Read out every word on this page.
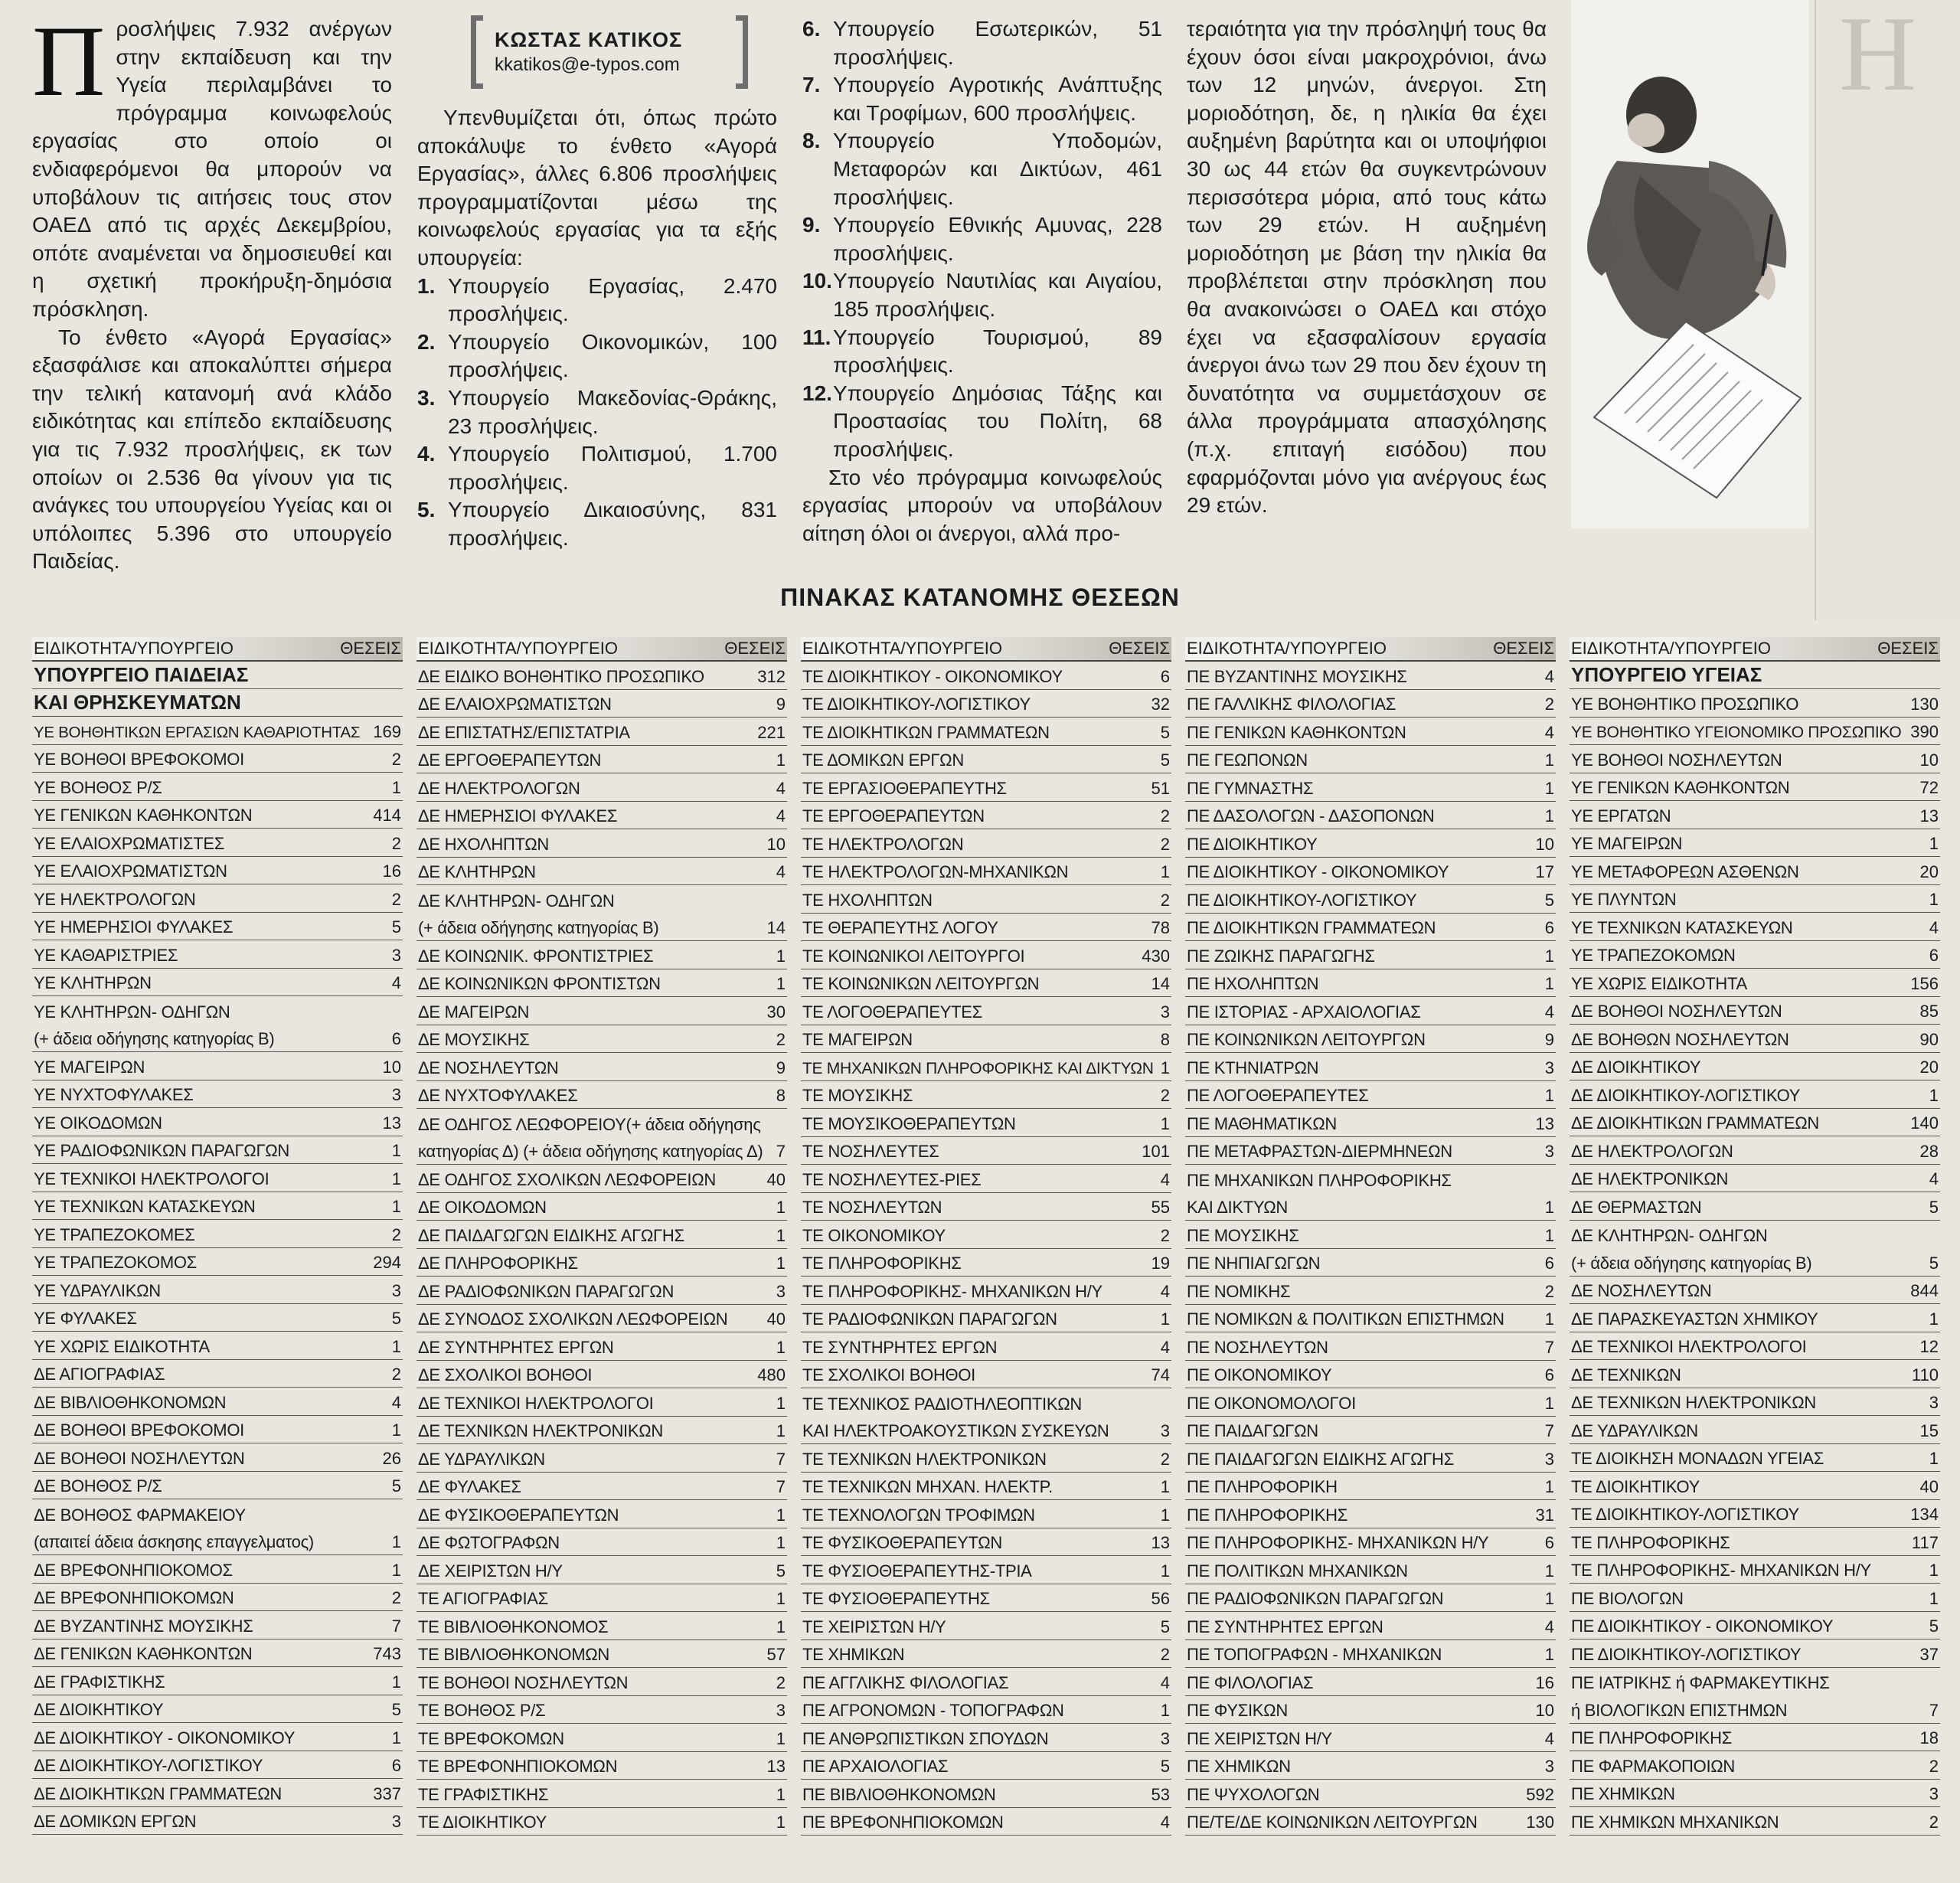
Προσλήψεις 7.932 ανέργων στην εκπαίδευση και την Υγεία περιλαμβάνει το πρόγραμμα κοινωφελούς εργασίας στο οποίο οι ενδιαφερόμενοι θα μπορούν να υποβάλουν τις αιτήσεις τους στον ΟΑΕΔ από τις αρχές Δεκεμβρίου, οπότε αναμένεται να δημοσιευθεί και η σχετική προκήρυξη-δημόσια πρόσκληση.

Το ένθετο «Αγορά Εργασίας» εξασφάλισε και αποκαλύπτει σήμερα την τελική κατανομή ανά κλάδο ειδικότητας και επίπεδο εκπαίδευσης για τις 7.932 προσλήψεις, εκ των οποίων οι 2.536 θα γίνουν για τις ανάγκες του υπουργείου Υγείας και οι υπόλοιπες 5.396 στο υπουργείο Παιδείας.

ΚΩΣΤΑΣ ΚΑΤΙΚΟΣ
kkatikos@e-typos.com

Υπενθυμίζεται ότι, όπως πρώτο αποκάλυψε το ένθετο «Αγορά Εργασίας», άλλες 6.806 προσλήψεις προγραμματίζονται μέσω της κοινωφελούς εργασίας για τα εξής υπουργεία:

1. Υπουργείο Εργασίας, 2.470 προσλήψεις.
2. Υπουργείο Οικονομικών, 100 προσλήψεις.
3. Υπουργείο Μακεδονίας-Θράκης, 23 προσλήψεις.
4. Υπουργείο Πολιτισμού, 1.700 προσλήψεις.
5. Υπουργείο Δικαιοσύνης, 831 προσλήψεις.
6. Υπουργείο Εσωτερικών, 51 προσλήψεις.
7. Υπουργείο Αγροτικής Ανάπτυξης και Τροφίμων, 600 προσλήψεις.
8. Υπουργείο Υποδομών, Μεταφορών και Δικτύων, 461 προσλήψεις.
9. Υπουργείο Εθνικής Αμυνας, 228 προσλήψεις.
10. Υπουργείο Ναυτιλίας και Αιγαίου, 185 προσλήψεις.
11. Υπουργείο Τουρισμού, 89 προσλήψεις.
12. Υπουργείο Δημόσιας Τάξης και Προστασίας του Πολίτη, 68 προσλήψεις.

Στο νέο πρόγραμμα κοινωφελούς εργασίας μπορούν να υποβάλουν αίτηση όλοι οι άνεργοι, αλλά προ-

τεραιότητα για την πρόσληψή τους θα έχουν όσοι είναι μακροχρόνιοι, άνω των 12 μηνών, άνεργοι. Στη μοριοδότηση, δε, η ηλικία θα έχει αυξημένη βαρύτητα και οι υποψήφιοι 30 ως 44 ετών θα συγκεντρώνουν περισσότερα μόρια, από τους κάτω των 29 ετών. Η αυξημένη μοριοδότηση με βάση την ηλικία θα προβλέπεται στην πρόσκληση που θα ανακοινώσει ο ΟΑΕΔ και στόχο έχει να εξασφαλίσουν εργασία άνεργοι άνω των 29 που δεν έχουν τη δυνατότητα να συμμετάσχουν σε άλλα προγράμματα απασχόλησης (π.χ. επιταγή εισόδου) που εφαρμόζονται μόνο για ανέργους έως 29 ετών.

H
ΠΙΝΑΚΑΣ ΚΑΤΑΝΟΜΗΣ ΘΕΣΕΩΝ
ΕΙΔΙΚΟΤΗΤΑ/ΥΠΟΥΡΓΕΙΟ	ΘΕΣΕΙΣ
ΥΠΟΥΡΓΕΙΟ ΠΑΙΔΕΙΑΣ
ΚΑΙ ΘΡΗΣΚΕΥΜΑΤΩΝ
ΥΕ ΒΟΗΘΗΤΙΚΩΝ ΕΡΓΑΣΙΩΝ ΚΑΘΑΡΙΟΤΗΤΑΣ 169
ΥΕ ΒΟΗΘΟΙ ΒΡΕΦΟΚΟΜΟΙ	2
ΥΕ ΒΟΗΘΟΣ Ρ/Σ	1
ΥΕ ΓΕΝΙΚΩΝ ΚΑΘΗΚΟΝΤΩΝ	414
ΥΕ ΕΛΑΙΟΧΡΩΜΑΤΙΣΤΕΣ	2
ΥΕ ΕΛΑΙΟΧΡΩΜΑΤΙΣΤΩΝ	16
ΥΕ ΗΛΕΚΤΡΟΛΟΓΩΝ	2
ΥΕ ΗΜΕΡΗΣΙΟΙ ΦΥΛΑΚΕΣ	5
ΥΕ ΚΑΘΑΡΙΣΤΡΙΕΣ	3
ΥΕ ΚΛΗΤΗΡΩΝ	4
ΥΕ ΚΛΗΤΗΡΩΝ- ΟΔΗΓΩΝ
(+ άδεια οδήγησης κατηγορίας Β)	6
ΥΕ ΜΑΓΕΙΡΩΝ	10
ΥΕ ΝΥΧΤΟΦΥΛΑΚΕΣ	3
ΥΕ ΟΙΚΟΔΟΜΩΝ	13
ΥΕ ΡΑΔΙΟΦΩΝΙΚΩΝ ΠΑΡΑΓΩΓΩΝ	1
ΥΕ ΤΕΧΝΙΚΟΙ ΗΛΕΚΤΡΟΛΟΓΟΙ	1
ΥΕ ΤΕΧΝΙΚΩΝ ΚΑΤΑΣΚΕΥΩΝ	1
ΥΕ ΤΡΑΠΕΖΟΚΟΜΕΣ	2
ΥΕ ΤΡΑΠΕΖΟΚΟΜΟΣ	294
ΥΕ ΥΔΡΑΥΛΙΚΩΝ	3
ΥΕ ΦΥΛΑΚΕΣ	5
ΥΕ ΧΩΡΙΣ ΕΙΔΙΚΟΤΗΤΑ	1
ΔΕ ΑΓΙΟΓΡΑΦΙΑΣ	2
ΔΕ ΒΙΒΛΙΟΘΗΚΟΝΟΜΩΝ	4
ΔΕ ΒΟΗΘΟΙ ΒΡΕΦΟΚΟΜΟΙ	1
ΔΕ ΒΟΗΘΟΙ ΝΟΣΗΛΕΥΤΩΝ	26
ΔΕ ΒΟΗΘΟΣ Ρ/Σ	5
ΔΕ ΒΟΗΘΟΣ ΦΑΡΜΑΚΕΙΟΥ
(απαιτεί άδεια άσκησης επαγγελματος)	1
ΔΕ ΒΡΕΦΟΝΗΠΙΟΚΟΜΟΣ	1
ΔΕ ΒΡΕΦΟΝΗΠΙΟΚΟΜΩΝ	2
ΔΕ ΒΥΖΑΝΤΙΝΗΣ ΜΟΥΣΙΚΗΣ	7
ΔΕ ΓΕΝΙΚΩΝ ΚΑΘΗΚΟΝΤΩΝ	743
ΔΕ ΓΡΑΦΙΣΤΙΚΗΣ	1
ΔΕ ΔΙΟΙΚΗΤΙΚΟΥ	5
ΔΕ ΔΙΟΙΚΗΤΙΚΟΥ - ΟΙΚΟΝΟΜΙΚΟΥ	1
ΔΕ ΔΙΟΙΚΗΤΙΚΟΥ-ΛΟΓΙΣΤΙΚΟΥ	6
ΔΕ ΔΙΟΙΚΗΤΙΚΩΝ ΓΡΑΜΜΑΤΕΩΝ	337
ΔΕ ΔΟΜΙΚΩΝ ΕΡΓΩΝ	3
ΕΙΔΙΚΟΤΗΤΑ/ΥΠΟΥΡΓΕΙΟ	ΘΕΣΕΙΣ
ΔΕ ΕΙΔΙΚΟ ΒΟΗΘΗΤΙΚΟ ΠΡΟΣΩΠΙΚΟ	312
ΔΕ ΕΛΑΙΟΧΡΩΜΑΤΙΣΤΩΝ	9
ΔΕ ΕΠΙΣΤΑΤΗΣ/ΕΠΙΣΤΑΤΡΙΑ	221
ΔΕ ΕΡΓΟΘΕΡΑΠΕΥΤΩΝ	1
ΔΕ ΗΛΕΚΤΡΟΛΟΓΩΝ	4
ΔΕ ΗΜΕΡΗΣΙΟΙ ΦΥΛΑΚΕΣ	4
ΔΕ ΗΧΟΛΗΠΤΩΝ	10
ΔΕ ΚΛΗΤΗΡΩΝ	4
ΔΕ ΚΛΗΤΗΡΩΝ- ΟΔΗΓΩΝ
(+ άδεια οδήγησης κατηγορίας Β)	14
ΔΕ ΚΟΙΝΩΝΙΚ. ΦΡΟΝΤΙΣΤΡΙΕΣ	1
ΔΕ ΚΟΙΝΩΝΙΚΩΝ ΦΡΟΝΤΙΣΤΩΝ	1
ΔΕ ΜΑΓΕΙΡΩΝ	30
ΔΕ ΜΟΥΣΙΚΗΣ	2
ΔΕ ΝΟΣΗΛΕΥΤΩΝ	9
ΔΕ ΝΥΧΤΟΦΥΛΑΚΕΣ	8
ΔΕ ΟΔΗΓΟΣ ΛΕΩΦΟΡΕΙΟΥ(+ άδεια οδήγησης
κατηγορίας Δ) (+ άδεια οδήγησης κατηγορίας Δ) 7
ΔΕ ΟΔΗΓΟΣ ΣΧΟΛΙΚΩΝ ΛΕΩΦΟΡΕΙΩΝ	40
ΔΕ ΟΙΚΟΔΟΜΩΝ	1
ΔΕ ΠΑΙΔΑΓΩΓΩΝ ΕΙΔΙΚΗΣ ΑΓΩΓΗΣ	1
ΔΕ ΠΛΗΡΟΦΟΡΙΚΗΣ	1
ΔΕ ΡΑΔΙΟΦΩΝΙΚΩΝ ΠΑΡΑΓΩΓΩΝ	3
ΔΕ ΣΥΝΟΔΟΣ ΣΧΟΛΙΚΩΝ ΛΕΩΦΟΡΕΙΩΝ 40
ΔΕ ΣΥΝΤΗΡΗΤΕΣ ΕΡΓΩΝ	1
ΔΕ ΣΧΟΛΙΚΟΙ ΒΟΗΘΟΙ	480
ΔΕ ΤΕΧΝΙΚΟΙ ΗΛΕΚΤΡΟΛΟΓΟΙ	1
ΔΕ ΤΕΧΝΙΚΩΝ ΗΛΕΚΤΡΟΝΙΚΩΝ	1
ΔΕ ΥΔΡΑΥΛΙΚΩΝ	7
ΔΕ ΦΥΛΑΚΕΣ	7
ΔΕ ΦΥΣΙΚΟΘΕΡΑΠΕΥΤΩΝ	1
ΔΕ ΦΩΤΟΓΡΑΦΩΝ	1
ΔΕ ΧΕΙΡΙΣΤΩΝ Η/Υ	5
ΤΕ ΑΓΙΟΓΡΑΦΙΑΣ	1
ΤΕ ΒΙΒΛΙΟΘΗΚΟΝΟΜΟΣ	1
ΤΕ ΒΙΒΛΙΟΘΗΚΟΝΟΜΩΝ	57
ΤΕ ΒΟΗΘΟΙ ΝΟΣΗΛΕΥΤΩΝ	2
ΤΕ ΒΟΗΘΟΣ Ρ/Σ	3
ΤΕ ΒΡΕΦΟΚΟΜΩΝ	1
ΤΕ ΒΡΕΦΟΝΗΠΙΟΚΟΜΩΝ	13
ΤΕ ΓΡΑΦΙΣΤΙΚΗΣ	1
ΤΕ ΔΙΟΙΚΗΤΙΚΟΥ	1
ΕΙΔΙΚΟΤΗΤΑ/ΥΠΟΥΡΓΕΙΟ	ΘΕΣΕΙΣ
ΤΕ ΔΙΟΙΚΗΤΙΚΟΥ - ΟΙΚΟΝΟΜΙΚΟΥ	6
ΤΕ ΔΙΟΙΚΗΤΙΚΟΥ-ΛΟΓΙΣΤΙΚΟΥ	32
ΤΕ ΔΙΟΙΚΗΤΙΚΩΝ ΓΡΑΜΜΑΤΕΩΝ	5
ΤΕ ΔΟΜΙΚΩΝ ΕΡΓΩΝ	5
ΤΕ ΕΡΓΑΣΙΟΘΕΡΑΠΕΥΤΗΣ	51
ΤΕ ΕΡΓΟΘΕΡΑΠΕΥΤΩΝ	2
ΤΕ ΗΛΕΚΤΡΟΛΟΓΩΝ	2
ΤΕ ΗΛΕΚΤΡΟΛΟΓΩΝ-ΜΗΧΑΝΙΚΩΝ	1
ΤΕ ΗΧΟΛΗΠΤΩΝ	2
ΤΕ ΘΕΡΑΠΕΥΤΗΣ ΛΟΓΟΥ	78
ΤΕ ΚΟΙΝΩΝΙΚΟΙ ΛΕΙΤΟΥΡΓΟΙ	430
ΤΕ ΚΟΙΝΩΝΙΚΩΝ ΛΕΙΤΟΥΡΓΩΝ	14
ΤΕ ΛΟΓΟΘΕΡΑΠΕΥΤΕΣ	3
ΤΕ ΜΑΓΕΙΡΩΝ	8
ΤΕ ΜΗΧΑΝΙΚΩΝ ΠΛΗΡΟΦΟΡΙΚΗΣ ΚΑΙ ΔΙΚΤΥΩΝ 1
ΤΕ ΜΟΥΣΙΚΗΣ	2
ΤΕ ΜΟΥΣΙΚΟΘΕΡΑΠΕΥΤΩΝ	1
ΤΕ ΝΟΣΗΛΕΥΤΕΣ	101
ΤΕ ΝΟΣΗΛΕΥΤΕΣ-ΡΙΕΣ	4
ΤΕ ΝΟΣΗΛΕΥΤΩΝ	55
ΤΕ ΟΙΚΟΝΟΜΙΚΟΥ	2
ΤΕ ΠΛΗΡΟΦΟΡΙΚΗΣ	19
ΤΕ ΠΛΗΡΟΦΟΡΙΚΗΣ- ΜΗΧΑΝΙΚΩΝ Η/Υ	4
ΤΕ ΡΑΔΙΟΦΩΝΙΚΩΝ ΠΑΡΑΓΩΓΩΝ	1
ΤΕ ΣΥΝΤΗΡΗΤΕΣ ΕΡΓΩΝ	4
ΤΕ ΣΧΟΛΙΚΟΙ ΒΟΗΘΟΙ	74
ΤΕ ΤΕΧΝΙΚΟΣ ΡΑΔΙΟΤΗΛΕΟΠΤΙΚΩΝ
ΚΑΙ ΗΛΕΚΤΡΟΑΚΟΥΣΤΙΚΩΝ ΣΥΣΚΕΥΩΝ	3
ΤΕ ΤΕΧΝΙΚΩΝ ΗΛΕΚΤΡΟΝΙΚΩΝ	2
ΤΕ ΤΕΧΝΙΚΩΝ ΜΗΧΑΝ. ΗΛΕΚΤΡ.	1
ΤΕ ΤΕΧΝΟΛΟΓΩΝ ΤΡΟΦΙΜΩΝ	1
ΤΕ ΦΥΣΙΚΟΘΕΡΑΠΕΥΤΩΝ	13
ΤΕ ΦΥΣΙΟΘΕΡΑΠΕΥΤΗΣ-ΤΡΙΑ	1
ΤΕ ΦΥΣΙΟΘΕΡΑΠΕΥΤΗΣ	56
ΤΕ ΧΕΙΡΙΣΤΩΝ Η/Υ	5
ΤΕ ΧΗΜΙΚΩΝ	2
ΠΕ ΑΓΓΛΙΚΗΣ ΦΙΛΟΛΟΓΙΑΣ	4
ΠΕ ΑΓΡΟΝΟΜΩΝ - ΤΟΠΟΓΡΑΦΩΝ	1
ΠΕ ΑΝΘΡΩΠΙΣΤΙΚΩΝ ΣΠΟΥΔΩΝ	3
ΠΕ ΑΡΧΑΙΟΛΟΓΙΑΣ	5
ΠΕ ΒΙΒΛΙΟΘΗΚΟΝΟΜΩΝ	53
ΠΕ ΒΡΕΦΟΝΗΠΙΟΚΟΜΩΝ	4
ΕΙΔΙΚΟΤΗΤΑ/ΥΠΟΥΡΓΕΙΟ	ΘΕΣΕΙΣ
ΠΕ ΒΥΖΑΝΤΙΝΗΣ ΜΟΥΣΙΚΗΣ	4
ΠΕ ΓΑΛΛΙΚΗΣ ΦΙΛΟΛΟΓΙΑΣ	2
ΠΕ ΓΕΝΙΚΩΝ ΚΑΘΗΚΟΝΤΩΝ	4
ΠΕ ΓΕΩΠΟΝΩΝ	1
ΠΕ ΓΥΜΝΑΣΤΗΣ	1
ΠΕ ΔΑΣΟΛΟΓΩΝ - ΔΑΣΟΠΟΝΩΝ	1
ΠΕ ΔΙΟΙΚΗΤΙΚΟΥ	10
ΠΕ ΔΙΟΙΚΗΤΙΚΟΥ - ΟΙΚΟΝΟΜΙΚΟΥ	17
ΠΕ ΔΙΟΙΚΗΤΙΚΟΥ-ΛΟΓΙΣΤΙΚΟΥ	5
ΠΕ ΔΙΟΙΚΗΤΙΚΩΝ ΓΡΑΜΜΑΤΕΩΝ	6
ΠΕ ΖΩΙΚΗΣ ΠΑΡΑΓΩΓΗΣ	1
ΠΕ ΗΧΟΛΗΠΤΩΝ	1
ΠΕ ΙΣΤΟΡΙΑΣ - ΑΡΧΑΙΟΛΟΓΙΑΣ	4
ΠΕ ΚΟΙΝΩΝΙΚΩΝ ΛΕΙΤΟΥΡΓΩΝ	9
ΠΕ ΚΤΗΝΙΑΤΡΩΝ	3
ΠΕ ΛΟΓΟΘΕΡΑΠΕΥΤΕΣ	1
ΠΕ ΜΑΘΗΜΑΤΙΚΩΝ	13
ΠΕ ΜΕΤΑΦΡΑΣΤΩΝ-ΔΙΕΡΜΗΝΕΩΝ	3
ΠΕ ΜΗΧΑΝΙΚΩΝ ΠΛΗΡΟΦΟΡΙΚΗΣ
ΚΑΙ ΔΙΚΤΥΩΝ	1
ΠΕ ΜΟΥΣΙΚΗΣ	1
ΠΕ ΝΗΠΙΑΓΩΓΩΝ	6
ΠΕ ΝΟΜΙΚΗΣ	2
ΠΕ ΝΟΜΙΚΩΝ & ΠΟΛΙΤΙΚΩΝ ΕΠΙΣΤΗΜΩΝ 1
ΠΕ ΝΟΣΗΛΕΥΤΩΝ	7
ΠΕ ΟΙΚΟΝΟΜΙΚΟΥ	6
ΠΕ ΟΙΚΟΝΟΜΟΛΟΓΟΙ	1
ΠΕ ΠΑΙΔΑΓΩΓΩΝ	7
ΠΕ ΠΑΙΔΑΓΩΓΩΝ ΕΙΔΙΚΗΣ ΑΓΩΓΗΣ	3
ΠΕ ΠΛΗΡΟΦΟΡΙΚΗ	1
ΠΕ ΠΛΗΡΟΦΟΡΙΚΗΣ	31
ΠΕ ΠΛΗΡΟΦΟΡΙΚΗΣ- ΜΗΧΑΝΙΚΩΝ Η/Υ	6
ΠΕ ΠΟΛΙΤΙΚΩΝ ΜΗΧΑΝΙΚΩΝ	1
ΠΕ ΡΑΔΙΟΦΩΝΙΚΩΝ ΠΑΡΑΓΩΓΩΝ	1
ΠΕ ΣΥΝΤΗΡΗΤΕΣ ΕΡΓΩΝ	4
ΠΕ ΤΟΠΟΓΡΑΦΩΝ - ΜΗΧΑΝΙΚΩΝ	1
ΠΕ ΦΙΛΟΛΟΓΙΑΣ	16
ΠΕ ΦΥΣΙΚΩΝ	10
ΠΕ ΧΕΙΡΙΣΤΩΝ Η/Υ	4
ΠΕ ΧΗΜΙΚΩΝ	3
ΠΕ ΨΥΧΟΛΟΓΩΝ	592
ΠΕ/ΤΕ/ΔΕ ΚΟΙΝΩΝΙΚΩΝ ΛΕΙΤΟΥΡΓΩΝ	130
ΕΙΔΙΚΟΤΗΤΑ/ΥΠΟΥΡΓΕΙΟ	ΘΕΣΕΙΣ
ΥΠΟΥΡΓΕΙΟ ΥΓΕΙΑΣ
ΥΕ ΒΟΗΘΗΤΙΚΟ ΠΡΟΣΩΠΙΚΟ	130
ΥΕ ΒΟΗΘΗΤΙΚΟ ΥΓΕΙΟΝΟΜΙΚΟ ΠΡΟΣΩΠΙΚΟ 390
ΥΕ ΒΟΗΘΟΙ ΝΟΣΗΛΕΥΤΩΝ	10
ΥΕ ΓΕΝΙΚΩΝ ΚΑΘΗΚΟΝΤΩΝ	72
ΥΕ ΕΡΓΑΤΩΝ	13
ΥΕ ΜΑΓΕΙΡΩΝ	1
ΥΕ ΜΕΤΑΦΟΡΕΩΝ ΑΣΘΕΝΩΝ	20
ΥΕ ΠΛΥΝΤΩΝ	1
ΥΕ ΤΕΧΝΙΚΩΝ ΚΑΤΑΣΚΕΥΩΝ	4
ΥΕ ΤΡΑΠΕΖΟΚΟΜΩΝ	6
ΥΕ ΧΩΡΙΣ ΕΙΔΙΚΟΤΗΤΑ	156
ΔΕ ΒΟΗΘΟΙ ΝΟΣΗΛΕΥΤΩΝ	85
ΔΕ ΒΟΗΘΩΝ ΝΟΣΗΛΕΥΤΩΝ	90
ΔΕ ΔΙΟΙΚΗΤΙΚΟΥ	20
ΔΕ ΔΙΟΙΚΗΤΙΚΟΥ-ΛΟΓΙΣΤΙΚΟΥ	1
ΔΕ ΔΙΟΙΚΗΤΙΚΩΝ ΓΡΑΜΜΑΤΕΩΝ	140
ΔΕ ΗΛΕΚΤΡΟΛΟΓΩΝ	28
ΔΕ ΗΛΕΚΤΡΟΝΙΚΩΝ	4
ΔΕ ΘΕΡΜΑΣΤΩΝ	5
ΔΕ ΚΛΗΤΗΡΩΝ- ΟΔΗΓΩΝ
(+ άδεια οδήγησης κατηγορίας Β)	5
ΔΕ ΝΟΣΗΛΕΥΤΩΝ	844
ΔΕ ΠΑΡΑΣΚΕΥΑΣΤΩΝ ΧΗΜΙΚΟΥ	1
ΔΕ ΤΕΧΝΙΚΟΙ ΗΛΕΚΤΡΟΛΟΓΟΙ	12
ΔΕ ΤΕΧΝΙΚΩΝ	110
ΔΕ ΤΕΧΝΙΚΩΝ ΗΛΕΚΤΡΟΝΙΚΩΝ	3
ΔΕ ΥΔΡΑΥΛΙΚΩΝ	15
ΤΕ ΔΙΟΙΚΗΣΗ ΜΟΝΑΔΩΝ ΥΓΕΙΑΣ	1
ΤΕ ΔΙΟΙΚΗΤΙΚΟΥ	40
ΤΕ ΔΙΟΙΚΗΤΙΚΟΥ-ΛΟΓΙΣΤΙΚΟΥ	134
ΤΕ ΠΛΗΡΟΦΟΡΙΚΗΣ	117
ΤΕ ΠΛΗΡΟΦΟΡΙΚΗΣ- ΜΗΧΑΝΙΚΩΝ Η/Υ	1
ΠΕ ΒΙΟΛΟΓΩΝ	1
ΠΕ ΔΙΟΙΚΗΤΙΚΟΥ - ΟΙΚΟΝΟΜΙΚΟΥ	5
ΠΕ ΔΙΟΙΚΗΤΙΚΟΥ-ΛΟΓΙΣΤΙΚΟΥ	37
ΠΕ ΙΑΤΡΙΚΗΣ ή ΦΑΡΜΑΚΕΥΤΙΚΗΣ
ή ΒΙΟΛΟΓΙΚΩΝ ΕΠΙΣΤΗΜΩΝ	7
ΠΕ ΠΛΗΡΟΦΟΡΙΚΗΣ	18
ΠΕ ΦΑΡΜΑΚΟΠΟΙΩΝ	2
ΠΕ ΧΗΜΙΚΩΝ	3
ΠΕ ΧΗΜΙΚΩΝ ΜΗΧΑΝΙΚΩΝ	2
